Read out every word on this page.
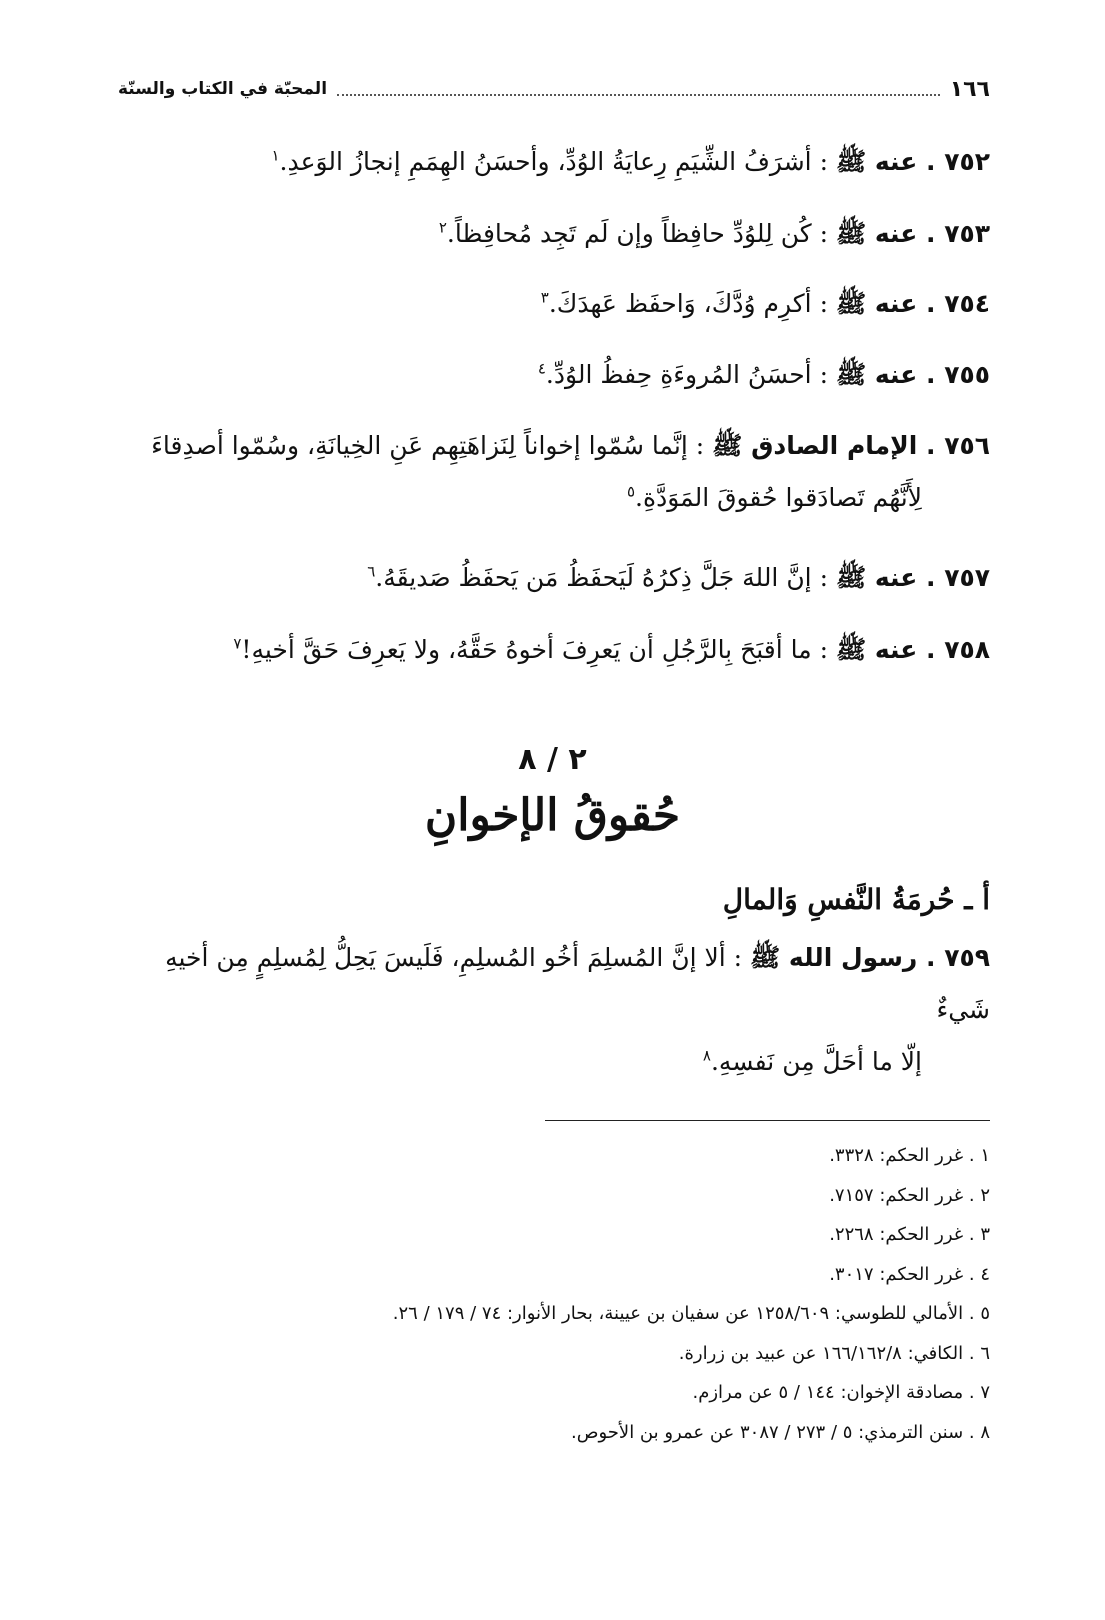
١٦٦
المحبّة في الكتاب والسنّة
٧٥٢ . عنه ﷺ : أشرَفُ الشِّيَمِ رِعايَةُ الوُدِّ، وأحسَنُ الهِمَمِ إنجازُ الوَعدِ.$^١$
٧٥٣ . عنه ﷺ : كُن لِلوُدِّ حافِظاً وإن لَم تَجِد مُحافِظاً.$^٢$
٧٥٤ . عنه ﷺ : أكرِم وُدَّكَ، وَاحفَظ عَهدَكَ.$^٣$
٧٥٥ . عنه ﷺ : أحسَنُ المُروءَةِ حِفظُ الوُدِّ.$^٤$
٧٥٦ . الإمام الصادق ﷺ : إنَّما سُمّوا إخواناً لِنَزاهَتِهِم عَنِ الخِيانَةِ، وسُمّوا أصدِقاءَ
لِأَنَّهُم تَصادَقوا حُقوقَ المَوَدَّةِ.$^٥$
٧٥٧ . عنه ﷺ : إنَّ اللهَ جَلَّ ذِكرُهُ لَيَحفَظُ مَن يَحفَظُ صَديقَهُ.$^٦$
٧٥٨ . عنه ﷺ : ما أقبَحَ بِالرَّجُلِ أن يَعرِفَ أخوهُ حَقَّهُ، ولا يَعرِفَ حَقَّ أخيهِ!$^٧$
٢ / ٨
حُقوقُ الإخوانِ
أ ـ حُرمَةُ النَّفسِ وَالمالِ
٧٥٩ . رسول الله ﷺ : ألا إنَّ المُسلِمَ أخُو المُسلِمِ، فَلَيسَ يَحِلُّ لِمُسلِمٍ مِن أخيهِ شَيءٌ
إلّا ما أحَلَّ مِن نَفسِهِ.$^٨$
١ . غرر الحكم: ٣٣٢٨.
٢ . غرر الحكم: ٧١٥٧.
٣ . غرر الحكم: ٢٢٦٨.
٤ . غرر الحكم: ٣٠١٧.
٥ . الأمالي للطوسي: ١٢٥٨/٦٠٩ عن سفيان بن عيينة، بحار الأنوار: ٧٤ / ١٧٩ / ٢٦.
٦ . الكافي: ١٦٦/١٦٢/٨ عن عبيد بن زرارة.
٧ . مصادقة الإخوان: ١٤٤ / ٥ عن مرازم.
٨ . سنن الترمذي: ٥ / ٢٧٣ / ٣٠٨٧ عن عمرو بن الأحوص.
